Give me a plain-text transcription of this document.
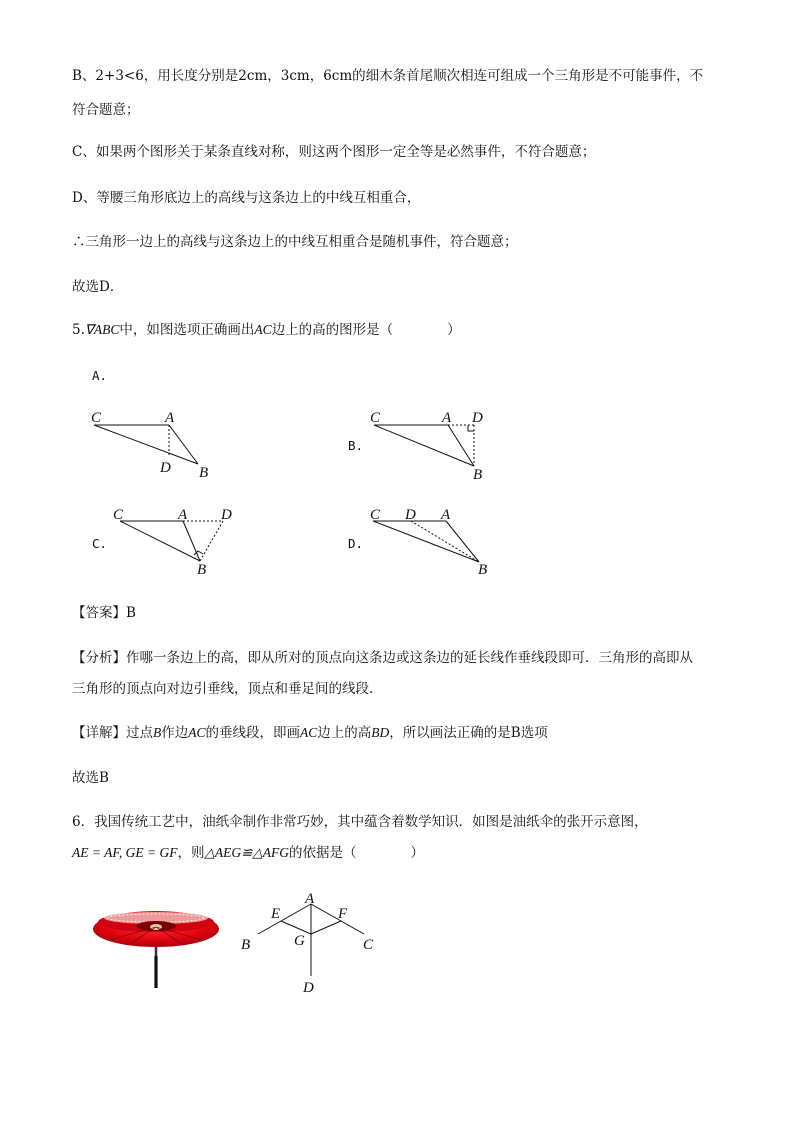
B、2+3<6，用长度分别是2cm，3cm，6cm的细木条首尾顺次相连可组成一个三角形是不可能事件，不
符合题意；
C、如果两个图形关于某条直线对称，则这两个图形一定全等是必然事件，不符合题意；
D、等腰三角形底边上的高线与这条边上的中线互相重合，
∴三角形一边上的高线与这条边上的中线互相重合是随机事件，符合题意；
故选D．
5.∇ABC中，如图选项正确画出AC边上的高的图形是（　　　　）
A.
B.
C.	D.
C	A
D B
C	A D
B
C	A D
B
C D A
B
【答案】B
【分析】作哪一条边上的高，即从所对的顶点向这条边或这条边的延长线作垂线段即可．三角形的高即从
三角形的顶点向对边引垂线，顶点和垂足间的线段．
【详解】过点B作边AC的垂线段，即画AC边上的高BD，所以画法正确的是B选项
故选B
6．我国传统工艺中，油纸伞制作非常巧妙，其中蕴含着数学知识．如图是油纸伞的张开示意图，
AE = AF, GE = GF，则△AEG≌△AFG的依据是（　　　　）
A
E	F
G
B	C
D
